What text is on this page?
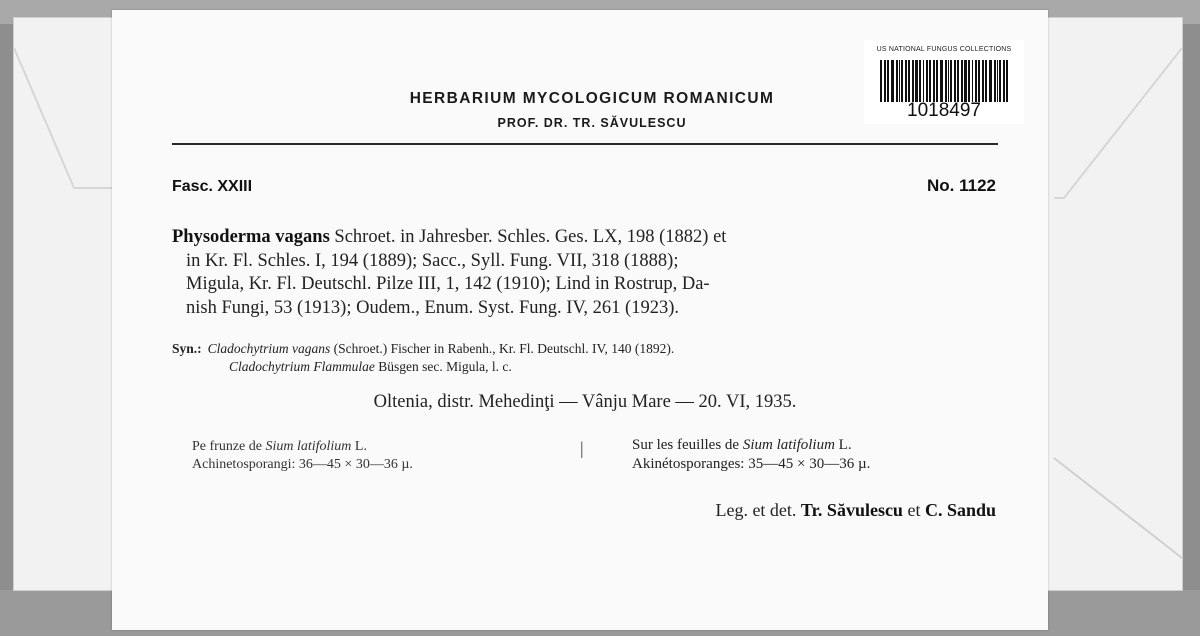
US NATIONAL FUNGUS COLLECTIONS
1018497
HERBARIUM MYCOLOGICUM ROMANICUM
PROF. DR. TR. SĂVULESCU
Fasc. XXIII	No. 1122
Physoderma vagans Schroet. in Jahresber. Schles. Ges. LX, 198 (1882) et
in Kr. Fl. Schles. I, 194 (1889); Sacc., Syll. Fung. VII, 318 (1888);
Migula, Kr. Fl. Deutschl. Pilze III, 1, 142 (1910); Lind in Rostrup, Da-
nish Fungi, 53 (1913); Oudem., Enum. Syst. Fung. IV, 261 (1923).
Syn.: Cladochytrium vagans (Schroet.) Fischer in Rabenh., Kr. Fl. Deutschl. IV, 140 (1892).
Cladochytrium Flammulae Büsgen sec. Migula, l. c.
Oltenia, distr. Mehedinţi — Vânju Mare — 20. VI, 1935.
Pe frunze de Sium latifolium L.
Achinetosporangi: 36—45 × 30—36 µ.
|	Sur les feuilles de Sium latifolium L.
Akinétosporanges: 35—45 × 30—36 µ.
Leg. et det. Tr. Săvulescu et C. Sandu
